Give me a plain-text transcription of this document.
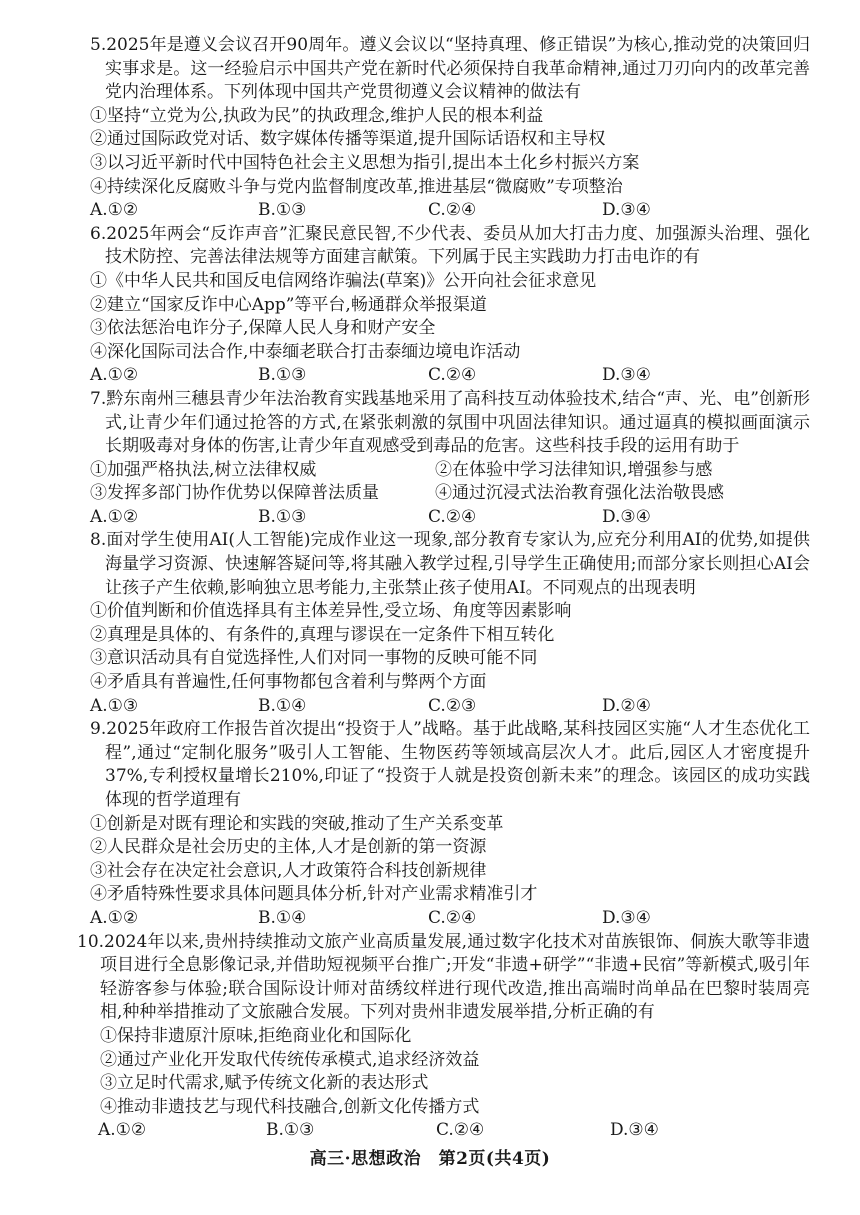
5.2025年是遵义会议召开90周年。遵义会议以“坚持真理、修正错误”为核心,推动党的决策回归实事求是。这一经验启示中国共产党在新时代必须保持自我革命精神,通过刀刃向内的改革完善党内治理体系。下列体现中国共产党贯彻遵义会议精神的做法有

①坚持“立党为公,执政为民”的执政理念,维护人民的根本利益

②通过国际政党对话、数字媒体传播等渠道,提升国际话语权和主导权

③以习近平新时代中国特色社会主义思想为指引,提出本土化乡村振兴方案

④持续深化反腐败斗争与党内监督制度改革,推进基层“微腐败”专项整治

A.①②	B.①③	C.②④	D.③④

6.2025年两会“反诈声音”汇聚民意民智,不少代表、委员从加大打击力度、加强源头治理、强化技术防控、完善法律法规等方面建言献策。下列属于民主实践助力打击电诈的有

①《中华人民共和国反电信网络诈骗法(草案)》公开向社会征求意见

②建立“国家反诈中心App”等平台,畅通群众举报渠道

③依法惩治电诈分子,保障人民人身和财产安全

④深化国际司法合作,中泰缅老联合打击泰缅边境电诈活动

A.①②	B.①③	C.②④	D.③④

7.黔东南州三穗县青少年法治教育实践基地采用了高科技互动体验技术,结合“声、光、电”创新形式,让青少年们通过抢答的方式,在紧张刺激的氛围中巩固法律知识。通过逼真的模拟画面演示长期吸毒对身体的伤害,让青少年直观感受到毒品的危害。这些科技手段的运用有助于

①加强严格执法,树立法律权威	②在体验中学习法律知识,增强参与感
③发挥多部门协作优势以保障普法质量	④通过沉浸式法治教育强化法治敬畏感
A.①②	B.①③	C.②④	D.③④

8.面对学生使用AI(人工智能)完成作业这一现象,部分教育专家认为,应充分利用AI的优势,如提供海量学习资源、快速解答疑问等,将其融入教学过程,引导学生正确使用;而部分家长则担心AI会让孩子产生依赖,影响独立思考能力,主张禁止孩子使用AI。不同观点的出现表明

①价值判断和价值选择具有主体差异性,受立场、角度等因素影响

②真理是具体的、有条件的,真理与谬误在一定条件下相互转化

③意识活动具有自觉选择性,人们对同一事物的反映可能不同

④矛盾具有普遍性,任何事物都包含着利与弊两个方面

A.①③	B.①④	C.②③	D.②④

9.2025年政府工作报告首次提出“投资于人”战略。基于此战略,某科技园区实施“人才生态优化工程”,通过“定制化服务”吸引人工智能、生物医药等领域高层次人才。此后,园区人才密度提升37%,专利授权量增长210%,印证了“投资于人就是投资创新未来”的理念。该园区的成功实践体现的哲学道理有

①创新是对既有理论和实践的突破,推动了生产关系变革

②人民群众是社会历史的主体,人才是创新的第一资源

③社会存在决定社会意识,人才政策符合科技创新规律

④矛盾特殊性要求具体问题具体分析,针对产业需求精准引才

A.①②	B.①④	C.②④	D.③④

10.2024年以来,贵州持续推动文旅产业高质量发展,通过数字化技术对苗族银饰、侗族大歌等非遗项目进行全息影像记录,并借助短视频平台推广;开发“非遗+研学”“非遗+民宿”等新模式,吸引年轻游客参与体验;联合国际设计师对苗绣纹样进行现代改造,推出高端时尚单品在巴黎时装周亮相,种种举措推动了文旅融合发展。下列对贵州非遗发展举措,分析正确的有

①保持非遗原汁原味,拒绝商业化和国际化

②通过产业化开发取代传统传承模式,追求经济效益

③立足时代需求,赋予传统文化新的表达形式

④推动非遗技艺与现代科技融合,创新文化传播方式

A.①②	B.①③	C.②④	D.③④
高三·思想政治　第2页(共4页)
